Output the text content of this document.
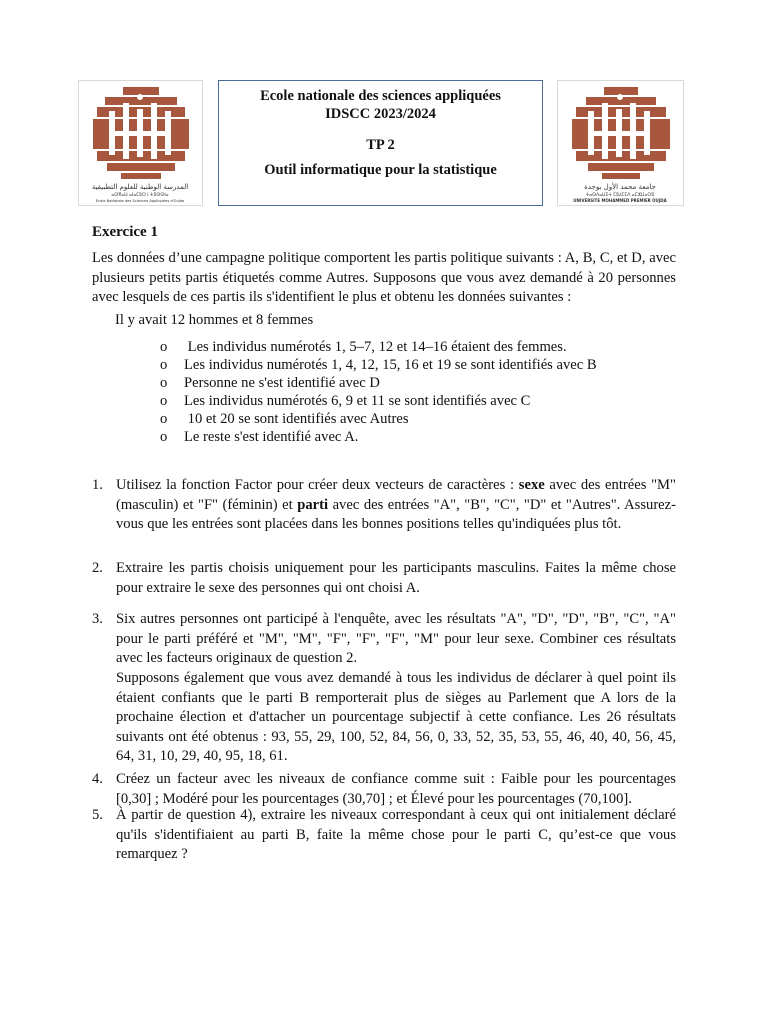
المدرسة الوطنية للعلوم التطبيقية
ⴰⵙⴳⴰⵡ ⴰⵏⴰⵎⵓⵔ ⵏ ⵜⵓⵙⵙⵏⴰ
Ecole Nationale des Sciences Appliquées d'Oujda
Ecole nationale des sciences appliquées
IDSCC 2023/2024
TP 2
Outil informatique pour la statistique
جامعة محمد الأول بوجدة
ⵜⴰⵙⴷⴰⵡⵉⵜ ⵎⵓⵃⵎⵎⴷ ⴰⵎⵣⵡⴰⵔⵓ
UNIVERSITE MOHAMMED PREMIER OUJDA
Exercice 1
Les données d’une campagne politique comportent les partis politique suivants : A, B, C, et D, avec plusieurs petits partis étiquetés comme Autres. Supposons que vous avez demandé à 20 personnes avec lesquels de ces partis ils s'identifient le plus et obtenu les données suivantes :
Il y avait 12 hommes et 8 femmes
o Les individus numérotés 1, 5–7, 12 et 14–16 étaient des femmes.
o Les individus numérotés 1, 4, 12, 15, 16 et 19 se sont identifiés avec B
o Personne ne s'est identifié avec D
o Les individus numérotés 6, 9 et 11 se sont identifiés avec C
o 10 et 20 se sont identifiés avec Autres
o Le reste s'est identifié avec A.
1. Utilisez la fonction Factor pour créer deux vecteurs de caractères : sexe avec des entrées "M" (masculin) et "F" (féminin) et parti avec des entrées "A", "B", "C", "D" et "Autres". Assurez-vous que les entrées sont placées dans les bonnes positions telles qu'indiquées plus tôt.
2. Extraire les partis choisis uniquement pour les participants masculins. Faites la même chose pour extraire le sexe des personnes qui ont choisi A.
3. Six autres personnes ont participé à l'enquête, avec les résultats "A", "D", "D", "B", "C", "A" pour le parti préféré et "M", "M", "F", "F", "F", "M" pour leur sexe. Combiner ces résultats avec les facteurs originaux de question 2.
Supposons également que vous avez demandé à tous les individus de déclarer à quel point ils étaient confiants que le parti B remporterait plus de sièges au Parlement que A lors de la prochaine élection et d'attacher un pourcentage subjectif à cette confiance. Les 26 résultats suivants ont été obtenus : 93, 55, 29, 100, 52, 84, 56, 0, 33, 52, 35, 53, 55, 46, 40, 40, 56, 45, 64, 31, 10, 29, 40, 95, 18, 61.
4. Créez un facteur avec les niveaux de confiance comme suit : Faible pour les pourcentages [0,30] ; Modéré pour les pourcentages (30,70] ; et Élevé pour les pourcentages (70,100].
5. À partir de question 4), extraire les niveaux correspondant à ceux qui ont initialement déclaré qu'ils s'identifiaient au parti B, faite la même chose pour le parti C, qu’est-ce que vous remarquez ?
